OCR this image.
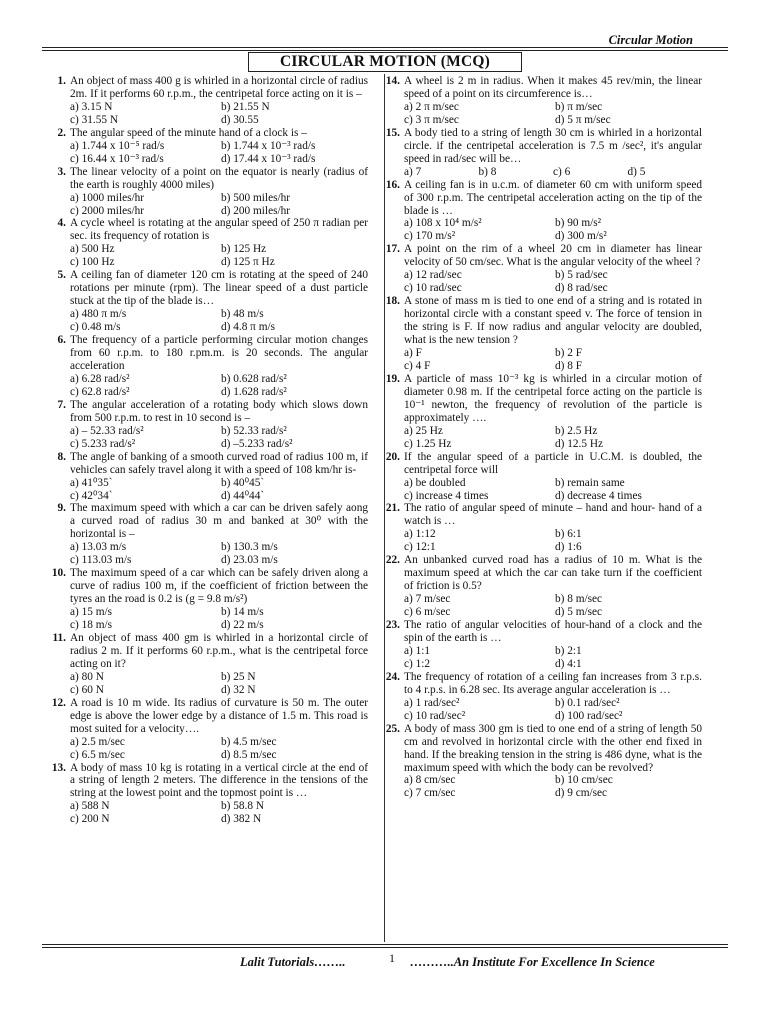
Circular Motion
CIRCULAR MOTION (MCQ)
1. An object of mass 400 g is whirled in a horizontal circle of radius 2m. If it performs 60 r.p.m., the centripetal force acting on it is –
a) 3.15 N	b) 21.55 N
c) 31.55 N	d) 30.55
2. The angular speed of the minute hand of a clock is –
a) 1.744 x 10⁻⁵ rad/s	b) 1.744 x 10⁻³ rad/s
c) 16.44 x 10⁻³ rad/s	d) 17.44 x 10⁻³ rad/s
3. The linear velocity of a point on the equator is nearly (radius of the earth is roughly 4000 miles)
a) 1000 miles/hr	b) 500 miles/hr
c) 2000 miles/hr	d) 200 miles/hr
4. A cycle wheel is rotating at the angular speed of 250 π radian per sec. its frequency of rotation is
a) 500 Hz	b) 125 Hz
c) 100 Hz	d) 125 π Hz
5. A ceiling fan of diameter 120 cm is rotating at the speed of 240 rotations per minute (rpm). The linear speed of a dust particle stuck at the tip of the blade is…
a) 480 π m/s	b) 48 m/s
c) 0.48 m/s	d) 4.8 π m/s
6. The frequency of a particle performing circular motion changes from 60 r.p.m. to 180 r.pm.m. is 20 seconds. The angular acceleration
a) 6.28 rad/s²	b) 0.628 rad/s²
c) 62.8 rad/s²	d) 1.628 rad/s²
7. The angular acceleration of a rotating body which slows down from 500 r.p.m. to rest in 10 second is –
a) – 52.33 rad/s²	b) 52.33 rad/s²
c) 5.233 rad/s²	d) –5.233 rad/s²
8. The angle of banking of a smooth curved road of radius 100 m, if vehicles can safely travel along it with a speed of 108 km/hr is-
a) 41⁰35`	b) 40⁰45`
c) 42⁰34`	d) 44⁰44`
9. The maximum speed with which a car can be driven safely aong a curved road of radius 30 m and banked at 30⁰ with the horizontal is –
a) 13.03 m/s	b) 130.3 m/s
c) 113.03 m/s	d) 23.03 m/s
10. The maximum speed of a car which can be safely driven along a curve of radius 100 m, if the coefficient of friction between the tyres an the road is 0.2 is (g = 9.8 m/s²)
a) 15 m/s	b) 14 m/s
c) 18 m/s	d) 22 m/s
11. An object of mass 400 gm is whirled in a horizontal circle of radius 2 m. If it performs 60 r.p.m., what is the centripetal force acting on it?
a) 80 N	b) 25 N
c) 60 N	d) 32 N
12. A road is 10 m wide. Its radius of curvature is 50 m. The outer edge is above the lower edge by a distance of 1.5 m. This road is most suited for a velocity….
a) 2.5 m/sec	b) 4.5 m/sec
c) 6.5 m/sec	d) 8.5 m/sec
13. A body of mass 10 kg is rotating in a vertical circle at the end of a string of length 2 meters. The difference in the tensions of the string at the lowest point and the topmost point is …
a) 588 N	b) 58.8 N
c) 200 N	d) 382 N
14. A wheel is 2 m in radius. When it makes 45 rev/min, the linear speed of a point on its circumference is…
a) 2 π m/sec	b) π m/sec
c) 3 π m/sec	d) 5 π m/sec
15. A body tied to a string of length 30 cm is whirled in a horizontal circle. if the centripetal acceleration is 7.5 m /sec², it's angular speed in rad/sec will be…
a) 7	b) 8	c) 6	d) 5
16. A ceiling fan is in u.c.m. of diameter 60 cm with uniform speed of 300 r.p.m. The centripetal acceleration acting on the tip of the blade is …
a) 108 x 10⁴ m/s²	b) 90 m/s²
c) 170 m/s²	d) 300 m/s²
17. A point on the rim of a wheel 20 cm in diameter has linear velocity of 50 cm/sec. What is the angular velocity of the wheel ?
a) 12 rad/sec	b) 5 rad/sec
c) 10 rad/sec	d) 8 rad/sec
18. A stone of mass m is tied to one end of a string and is rotated in horizontal circle with a constant speed v. The force of tension in the string is F. If now radius and angular velocity are doubled, what is the new tension ?
a) F	b) 2 F
c) 4 F	d) 8 F
19. A particle of mass 10⁻³ kg is whirled in a circular motion of diameter 0.98 m. If the centripetal force acting on the particle is 10⁻¹ newton, the frequency of revolution of the particle is approximately ….
a) 25 Hz	b) 2.5 Hz
c) 1.25 Hz	d) 12.5 Hz
20. If the angular speed of a particle in U.C.M. is doubled, the centripetal force will
a) be doubled	b) remain same
c) increase 4 times	d) decrease 4 times
21. The ratio of angular speed of minute – hand and hour- hand of a watch is …
a) 1:12	b) 6:1
c) 12:1	d) 1:6
22. An unbanked curved road has a radius of 10 m. What is the maximum speed at which the car can take turn if the coefficient of friction is 0.5?
a) 7 m/sec	b) 8 m/sec
c) 6 m/sec	d) 5 m/sec
23. The ratio of angular velocities of hour-hand of a clock and the spin of the earth is …
a) 1:1	b) 2:1
c) 1:2	d) 4:1
24. The frequency of rotation of a ceiling fan increases from 3 r.p.s. to 4 r.p.s. in 6.28 sec. Its average angular acceleration is …
a) 1 rad/sec²	b) 0.1 rad/sec²
c) 10 rad/sec²	d) 100 rad/sec²
25. A body of mass 300 gm is tied to one end of a string of length 50 cm and revolved in horizontal circle with the other end fixed in hand. If the breaking tension in the string is 486 dyne, what is the maximum speed with which the body can be revolved?
a) 8 cm/sec	b) 10 cm/sec
c) 7 cm/sec	d) 9 cm/sec
Lalit Tutorials……..	1 ………..An Institute For Excellence In Science
